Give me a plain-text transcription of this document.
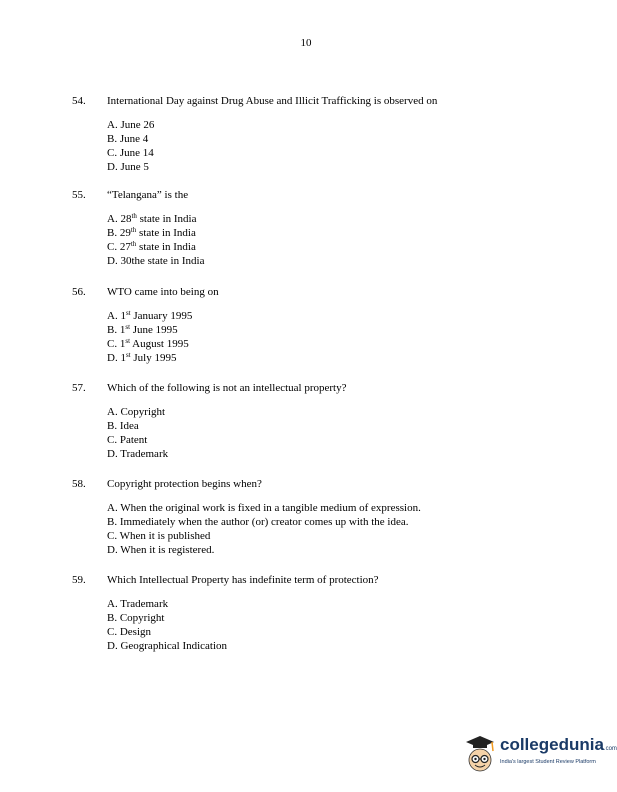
10
54. International Day against Drug Abuse and Illicit Trafficking is observed on
A. June 26
B. June 4
C. June 14
D. June 5
55. “Telangana” is the
A. 28th state in India
B. 29th state in India
C. 27th state in India
D. 30the state in India
56. WTO came into being on
A. 1st January 1995
B. 1st June 1995
C. 1st August 1995
D. 1st July 1995
57. Which of the following is not an intellectual property?
A. Copyright
B. Idea
C. Patent
D. Trademark
58. Copyright protection begins when?
A. When the original work is fixed in a tangible medium of expression.
B. Immediately when the author (or) creator comes up with the idea.
C. When it is published
D. When it is registered.
59. Which Intellectual Property has indefinite term of protection?
A. Trademark
B. Copyright
C. Design
D. Geographical Indication
collegedunia.com
India's largest Student Review Platform
